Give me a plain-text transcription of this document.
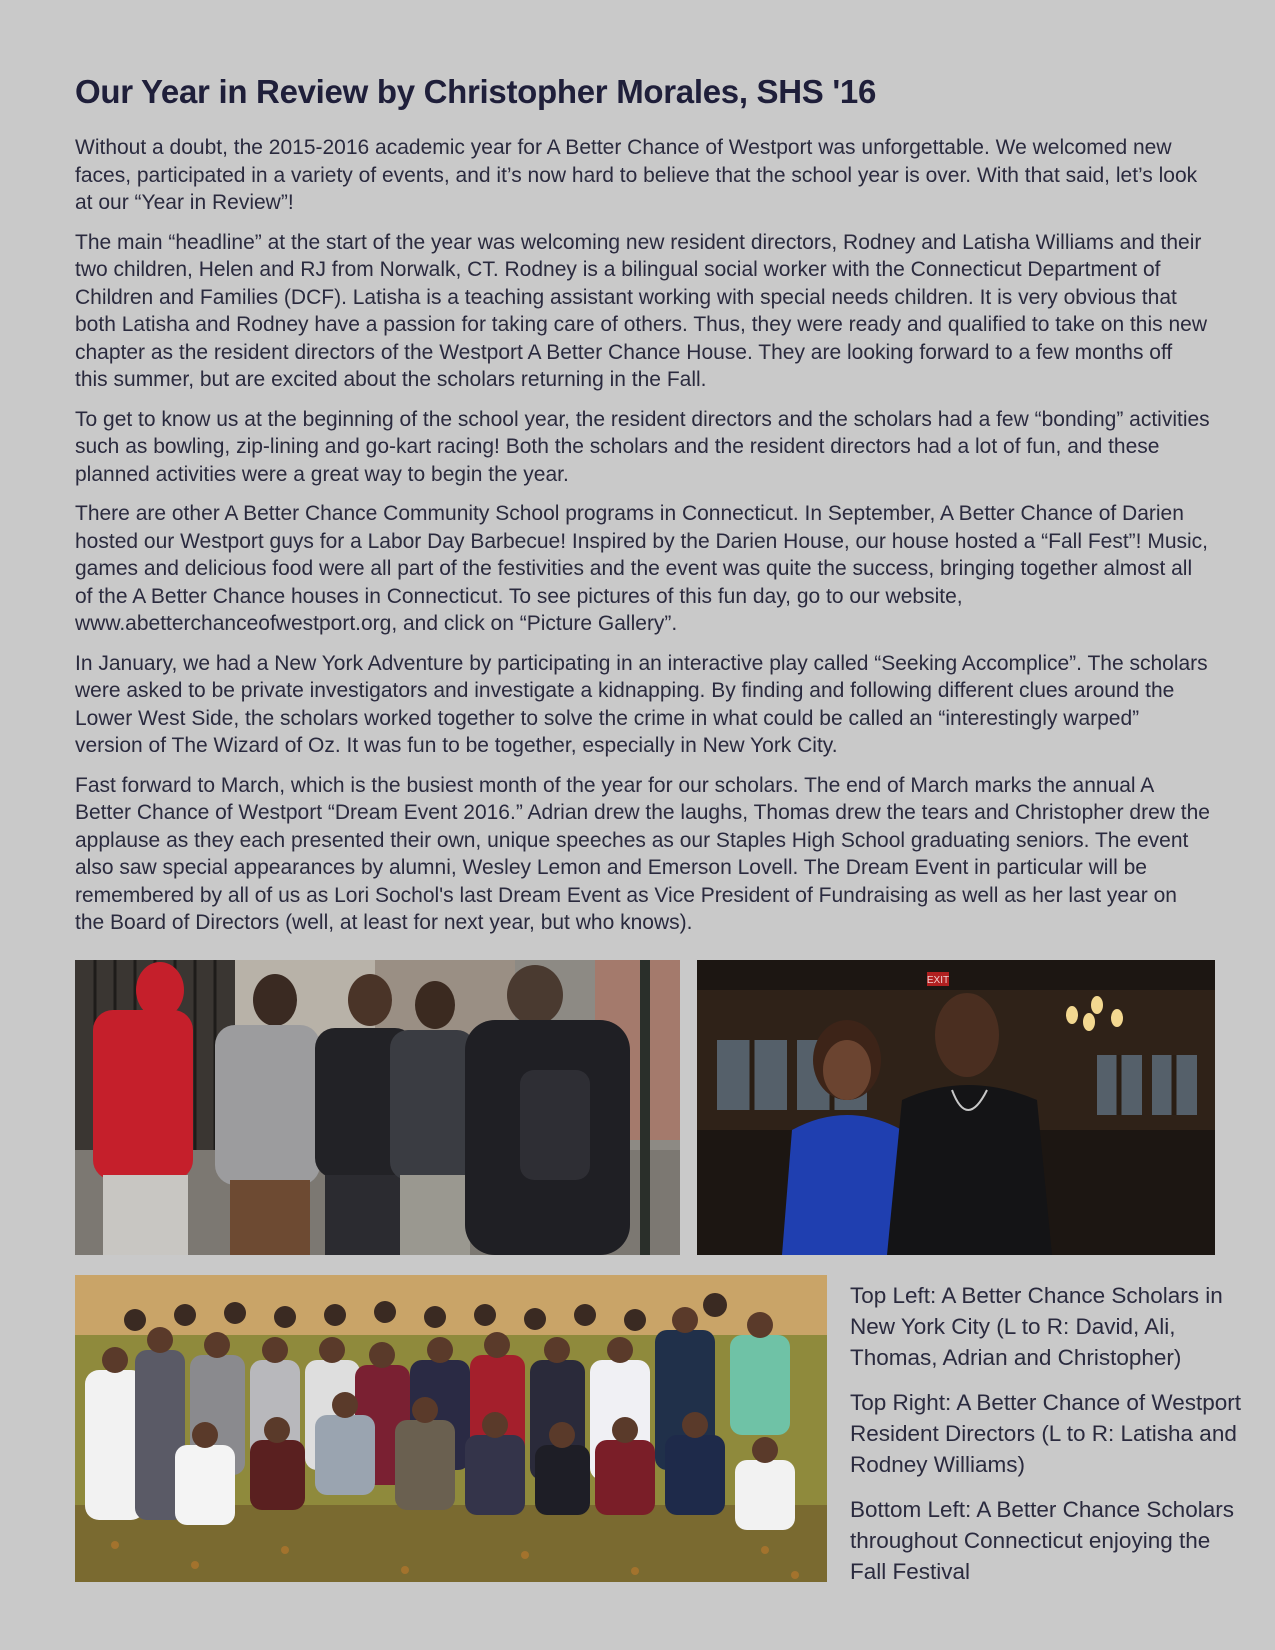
Our Year in Review by Christopher Morales, SHS '16

Without a doubt, the 2015-2016 academic year for A Better Chance of Westport was unforgettable. We welcomed new faces, participated in a variety of events, and it’s now hard to believe that the school year is over. With that said, let’s look at our “Year in Review”!

The main “headline” at the start of the year was welcoming new resident directors, Rodney and Latisha Williams and their two children, Helen and RJ from Norwalk, CT. Rodney is a bilingual social worker with the Connecticut Department of Children and Families (DCF). Latisha is a teaching assistant working with special needs children. It is very obvious that both Latisha and Rodney have a passion for taking care of others. Thus, they were ready and qualified to take on this new chapter as the resident directors of the Westport A Better Chance House. They are looking forward to a few months off this summer, but are excited about the scholars returning in the Fall.

To get to know us at the beginning of the school year, the resident directors and the scholars had a few “bonding” activities such as bowling, zip-lining and go-kart racing! Both the scholars and the resident directors had a lot of fun, and these planned activities were a great way to begin the year.

There are other A Better Chance Community School programs in Connecticut. In September, A Better Chance of Darien hosted our Westport guys for a Labor Day Barbecue! Inspired by the Darien House, our house hosted a “Fall Fest”! Music, games and delicious food were all part of the festivities and the event was quite the success, bringing together almost all of the A Better Chance houses in Connecticut. To see pictures of this fun day, go to our website, www.abetterchanceofwestport.org, and click on “Picture Gallery”.

In January, we had a New York Adventure by participating in an interactive play called “Seeking Accomplice”. The scholars were asked to be private investigators and investigate a kidnapping. By finding and following different clues around the Lower West Side, the scholars worked together to solve the crime in what could be called an “interestingly warped” version of The Wizard of Oz. It was fun to be together, especially in New York City.

Fast forward to March, which is the busiest month of the year for our scholars. The end of March marks the annual A Better Chance of Westport “Dream Event 2016.” Adrian drew the laughs, Thomas drew the tears and Christopher drew the applause as they each presented their own, unique speeches as our Staples High School graduating seniors. The event also saw special appearances by alumni, Wesley Lemon and Emerson Lovell. The Dream Event in particular will be remembered by all of us as Lori Sochol's last Dream Event as Vice President of Fundraising as well as her last year on the Board of Directors (well, at least for next year, but who knows).

EXIT

Top Left: A Better Chance Scholars in New York City (L to R: David, Ali, Thomas, Adrian and Christopher)

Top Right: A Better Chance of Westport Resident Directors (L to R: Latisha and Rodney Williams)

Bottom Left: A Better Chance Scholars throughout Connecticut enjoying the Fall Festival
